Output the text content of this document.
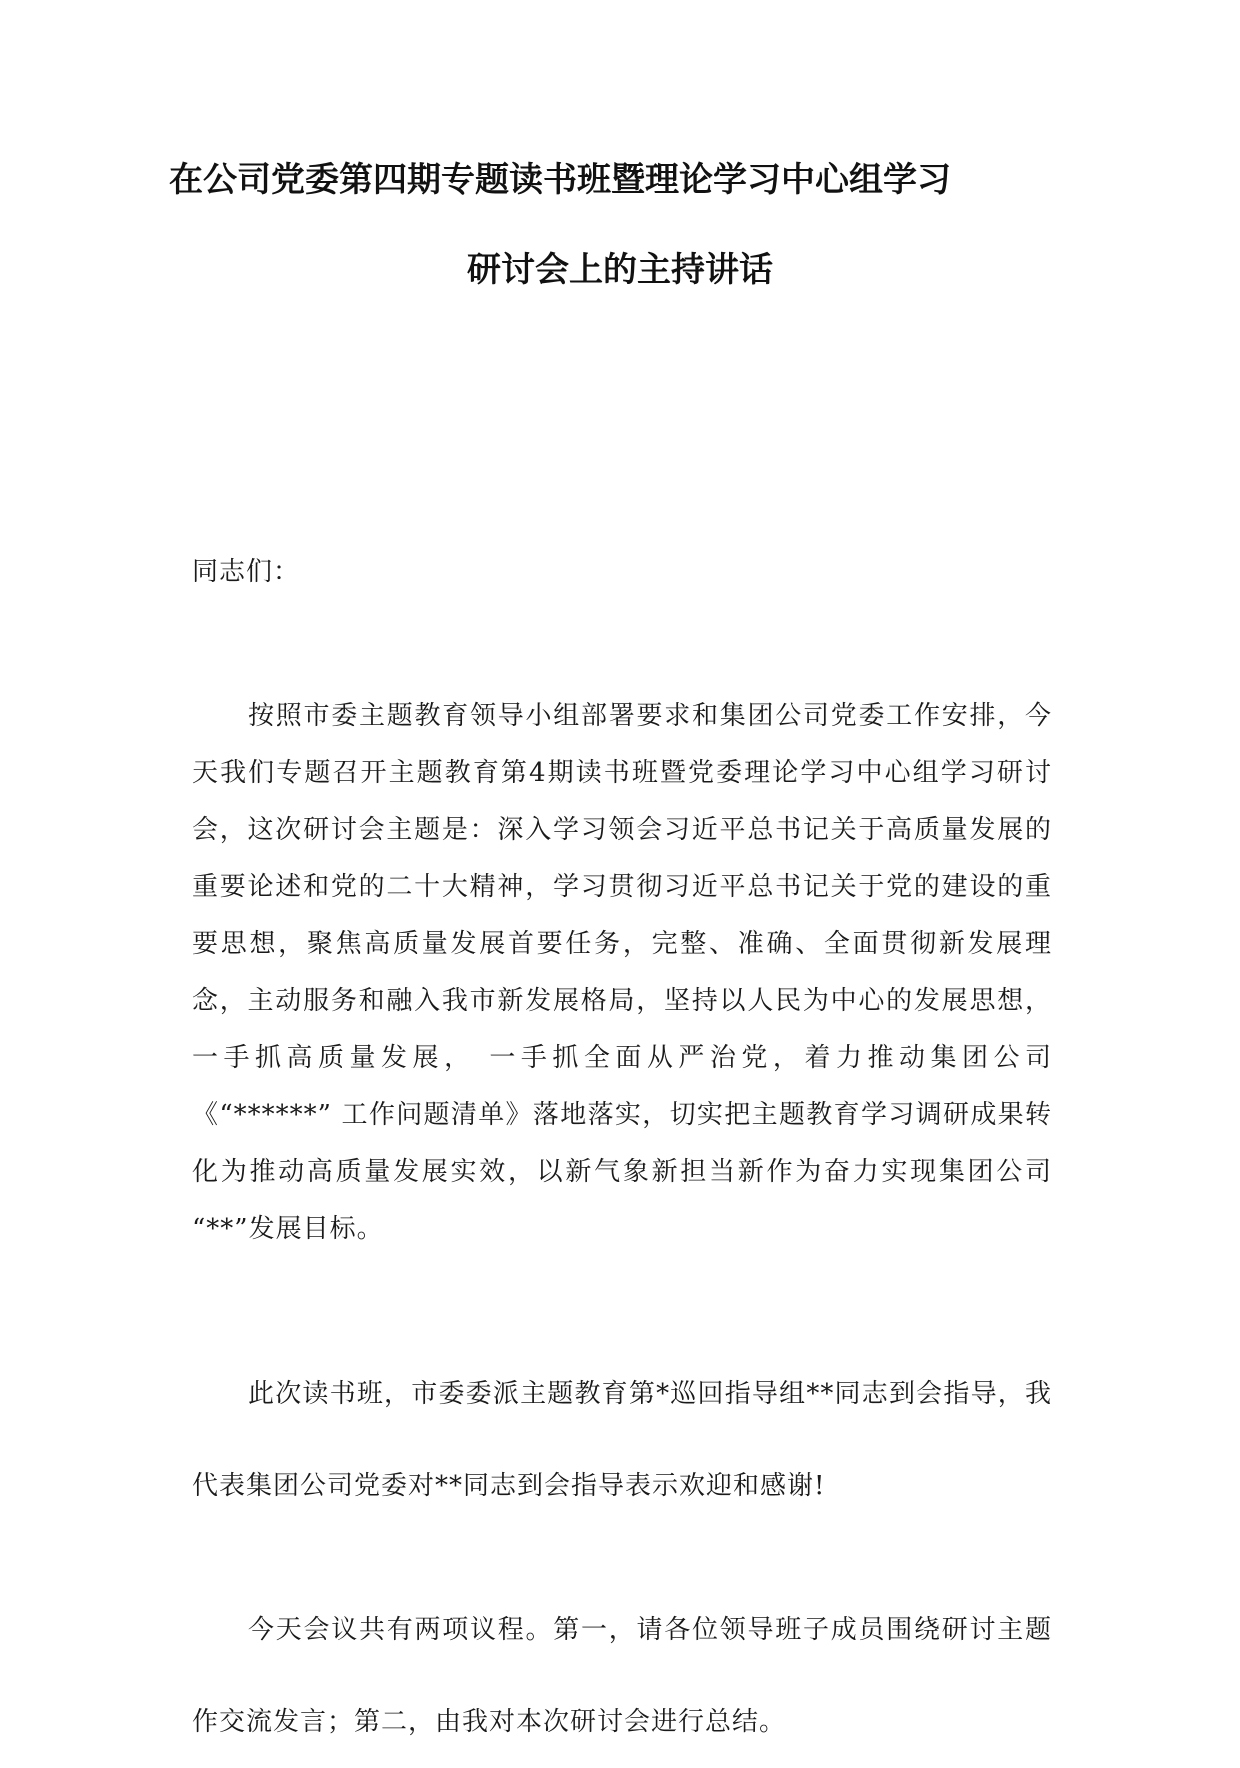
在公司党委第四期专题读书班暨理论学习中心组学习
研讨会上的主持讲话
同志们：
按照市委主题教育领导小组部署要求和集团公司党委工作安排，今天我们专题召开主题教育第4期读书班暨党委理论学习中心组学习研讨会，这次研讨会主题是：深入学习领会习近平总书记关于高质量发展的重要论述和党的二十大精神，学习贯彻习近平总书记关于党的建设的重要思想，聚焦高质量发展首要任务，完整、准确、全面贯彻新发展理念，主动服务和融入我市新发展格局，坚持以人民为中心的发展思想， 一手抓高质量发展， 一手抓全面从严治党，着力推动集团公司《“******” 工作问题清单》落地落实，切实把主题教育学习调研成果转化为推动高质量发展实效，以新气象新担当新作为奋力实现集团公司 “**”发展目标。
此次读书班，市委委派主题教育第*巡回指导组**同志到会指导，我代表集团公司党委对**同志到会指导表示欢迎和感谢!
今天会议共有两项议程。第一，请各位领导班子成员围绕研讨主题作交流发言；第二，由我对本次研讨会进行总结。
